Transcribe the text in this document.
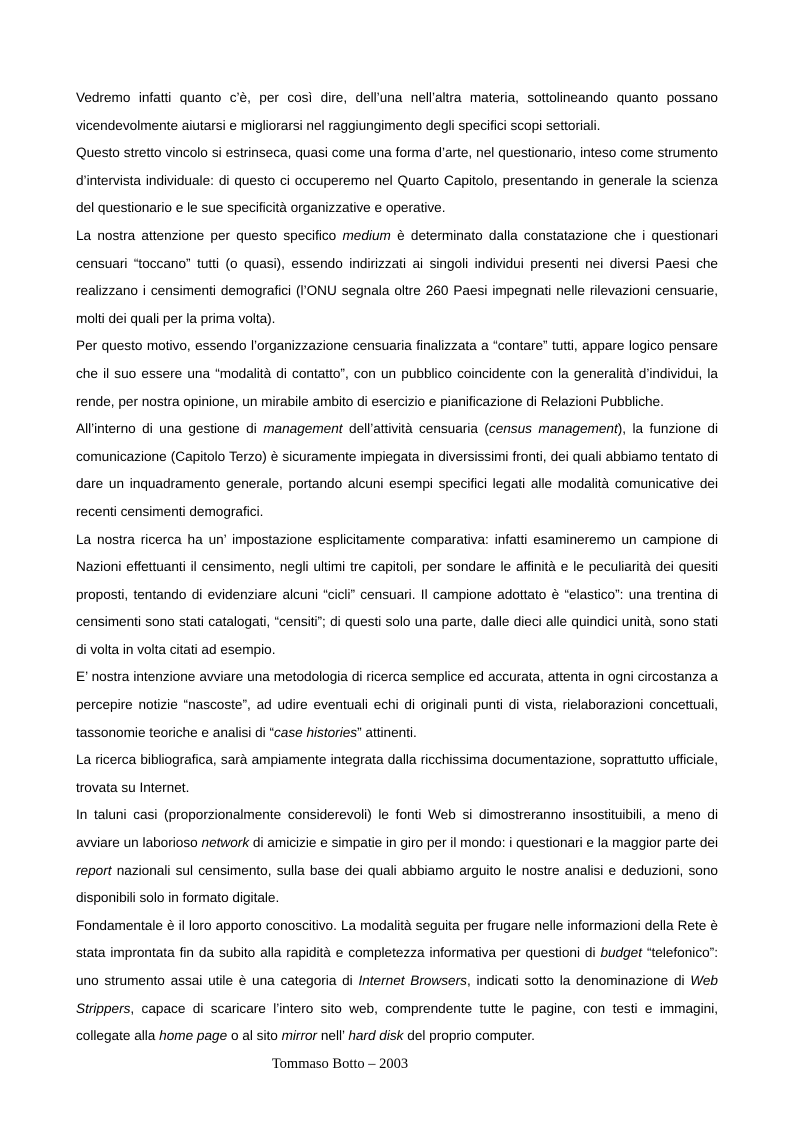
Vedremo infatti quanto c’è, per così dire, dell’una nell’altra materia, sottolineando quanto possano vicendevolmente aiutarsi e migliorarsi nel raggiungimento degli specifici scopi settoriali.

Questo stretto vincolo si estrinseca, quasi come una forma d’arte, nel questionario, inteso come strumento d’intervista individuale: di questo ci occuperemo nel Quarto Capitolo, presentando in generale la scienza del questionario e le sue specificità organizzative e operative.

La nostra attenzione per questo specifico medium è determinato dalla constatazione che i questionari censuari “toccano” tutti (o quasi), essendo indirizzati ai singoli individui presenti nei diversi Paesi che realizzano i censimenti demografici (l’ONU segnala oltre 260 Paesi impegnati nelle rilevazioni censuarie, molti dei quali per la prima volta).

Per questo motivo, essendo l’organizzazione censuaria finalizzata a “contare” tutti, appare logico pensare che il suo essere una “modalità di contatto”, con un pubblico coincidente con la generalità d’individui, la rende, per nostra opinione, un mirabile ambito di esercizio e pianificazione di Relazioni Pubbliche.

All’interno di una gestione di management dell’attività censuaria (census management), la funzione di comunicazione (Capitolo Terzo) è sicuramente impiegata in diversissimi fronti, dei quali abbiamo tentato di dare un inquadramento generale, portando alcuni esempi specifici legati alle modalità comunicative dei recenti censimenti demografici.

La nostra ricerca ha un’ impostazione esplicitamente comparativa: infatti esamineremo un campione di Nazioni effettuanti il censimento, negli ultimi tre capitoli, per sondare le affinità e le peculiarità dei quesiti proposti, tentando di evidenziare alcuni “cicli” censuari. Il campione adottato è “elastico”: una trentina di censimenti sono stati catalogati, “censiti”; di questi solo una parte, dalle dieci alle quindici unità, sono stati di volta in volta citati ad esempio.

E’ nostra intenzione avviare una metodologia di ricerca semplice ed accurata, attenta in ogni circostanza a percepire notizie “nascoste”, ad udire eventuali echi di originali punti di vista, rielaborazioni concettuali, tassonomie teoriche e analisi di “case histories” attinenti.

La ricerca bibliografica, sarà ampiamente integrata dalla ricchissima documentazione, soprattutto ufficiale, trovata su Internet.

In taluni casi (proporzionalmente considerevoli) le fonti Web si dimostreranno insostituibili, a meno di avviare un laborioso network di amicizie e simpatie in giro per il mondo: i questionari e la maggior parte dei report nazionali sul censimento, sulla base dei quali abbiamo arguito le nostre analisi e deduzioni, sono disponibili solo in formato digitale.

Fondamentale è il loro apporto conoscitivo. La modalità seguita per frugare nelle informazioni della Rete è stata improntata fin da subito alla rapidità e completezza informativa per questioni di budget “telefonico”: uno strumento assai utile è una categoria di Internet Browsers, indicati sotto la denominazione di Web Strippers, capace di scaricare l’intero sito web, comprendente tutte le pagine, con testi e immagini, collegate alla home page o al sito mirror nell’ hard disk del proprio computer.

Tommaso Botto – 2003
